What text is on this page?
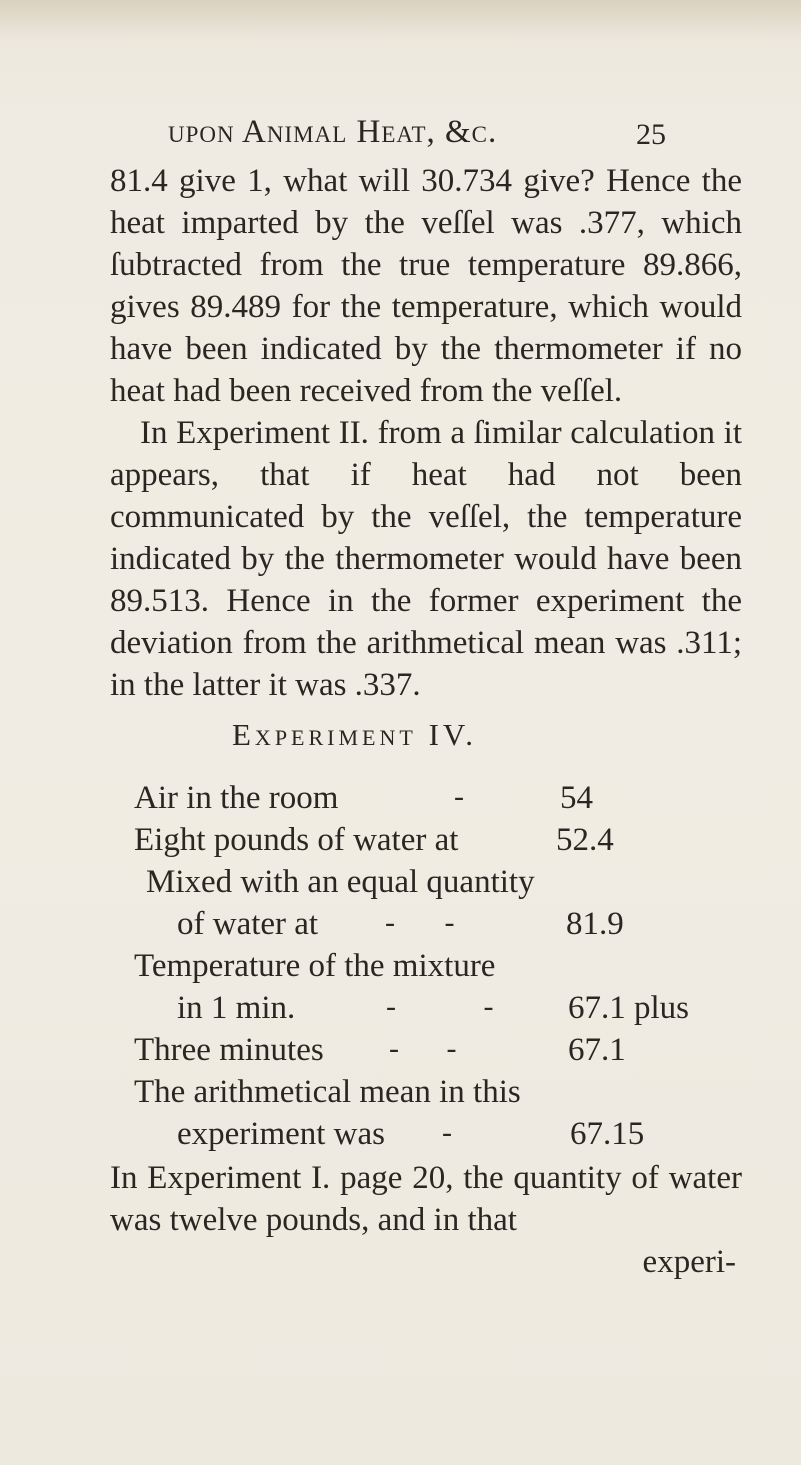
upon Animal Heat, &c.	25

81.4 give 1, what will 30.734 give? Hence the heat imparted by the veſſel was .377, which ſubtracted from the true temperature 89.866, gives 89.489 for the temperature, which would have been indicated by the thermometer if no heat had been received from the veſſel.

In Experiment II. from a ſimilar calculation it appears, that if heat had not been communicated by the veſſel, the temperature indicated by the thermometer would have been 89.513. Hence in the former experiment the deviation from the arithmetical mean was .311; in the latter it was .337.

Experiment IV.
Air in the room	-	54
Eight pounds of water at	52.4
Mixed with an equal quantity
of water at - -	81.9
Temperature of the mixture
in 1 min.	- - 67.1 plus
Three minutes - -	67.1
The arithmetical mean in this
experiment was -	67.15

In Experiment I. page 20, the quantity of water was twelve pounds, and in that

experi-
